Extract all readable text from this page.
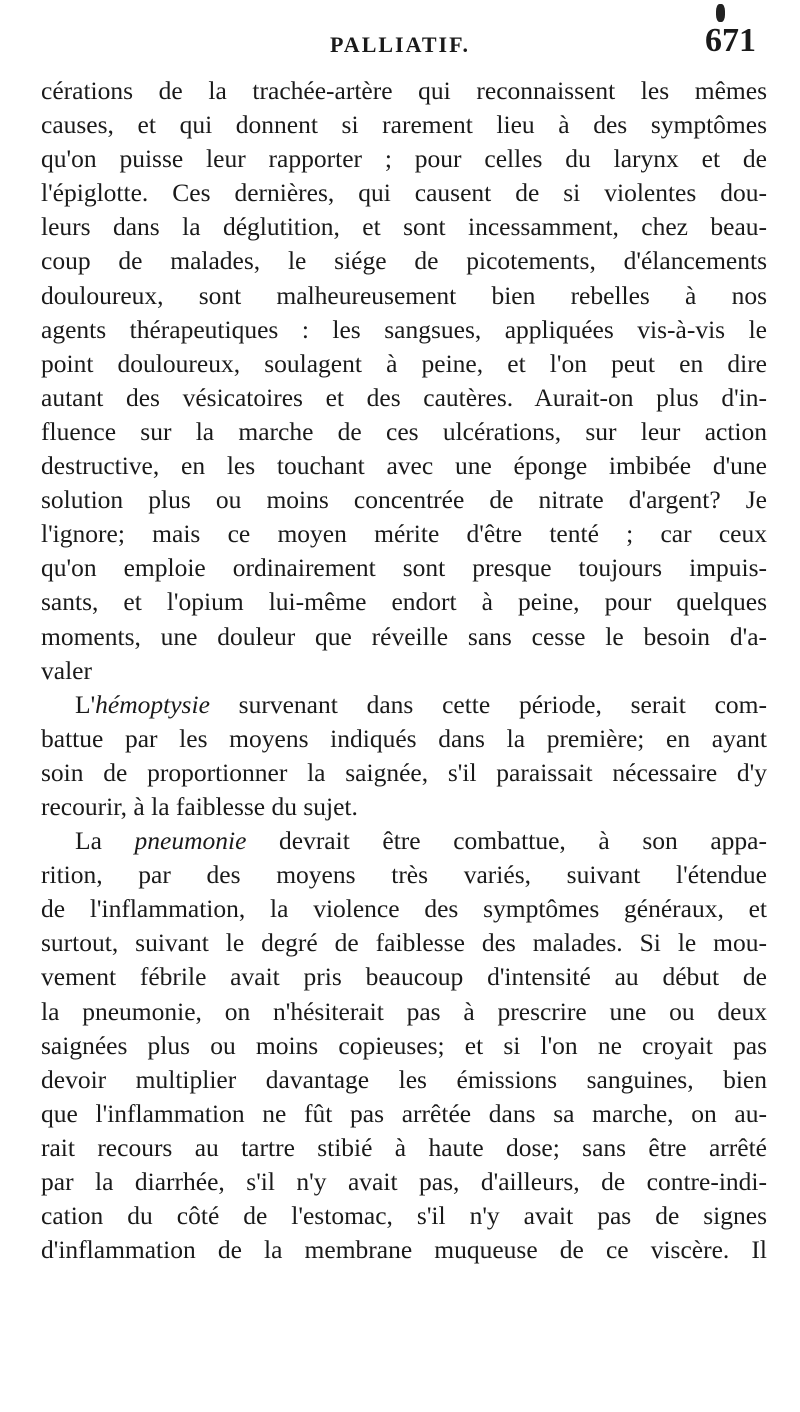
PALLIATIF.	671
cérations de la trachée-artère qui reconnaissent les mêmes
causes, et qui donnent si rarement lieu à des symptômes
qu'on puisse leur rapporter ; pour celles du larynx et de
l'épiglotte. Ces dernières, qui causent de si violentes dou-
leurs dans la déglutition, et sont incessamment, chez beau-
coup de malades, le siége de picotements, d'élancements
douloureux, sont malheureusement bien rebelles à nos
agents thérapeutiques : les sangsues, appliquées vis-à-vis le
point douloureux, soulagent à peine, et l'on peut en dire
autant des vésicatoires et des cautères. Aurait-on plus d'in-
fluence sur la marche de ces ulcérations, sur leur action
destructive, en les touchant avec une éponge imbibée d'une
solution plus ou moins concentrée de nitrate d'argent? Je
l'ignore; mais ce moyen mérite d'être tenté ; car ceux
qu'on emploie ordinairement sont presque toujours impuis-
sants, et l'opium lui-même endort à peine, pour quelques
moments, une douleur que réveille sans cesse le besoin d'a-
valer
L'hémoptysie survenant dans cette période, serait com-
battue par les moyens indiqués dans la première; en ayant
soin de proportionner la saignée, s'il paraissait nécessaire d'y
recourir, à la faiblesse du sujet.
La pneumonie devrait être combattue, à son appa-
rition, par des moyens très variés, suivant l'étendue
de l'inflammation, la violence des symptômes généraux, et
surtout, suivant le degré de faiblesse des malades. Si le mou-
vement fébrile avait pris beaucoup d'intensité au début de
la pneumonie, on n'hésiterait pas à prescrire une ou deux
saignées plus ou moins copieuses; et si l'on ne croyait pas
devoir multiplier davantage les émissions sanguines, bien
que l'inflammation ne fût pas arrêtée dans sa marche, on au-
rait recours au tartre stibié à haute dose; sans être arrêté
par la diarrhée, s'il n'y avait pas, d'ailleurs, de contre-indi-
cation du côté de l'estomac, s'il n'y avait pas de signes
d'inflammation de la membrane muqueuse de ce viscère. Il
